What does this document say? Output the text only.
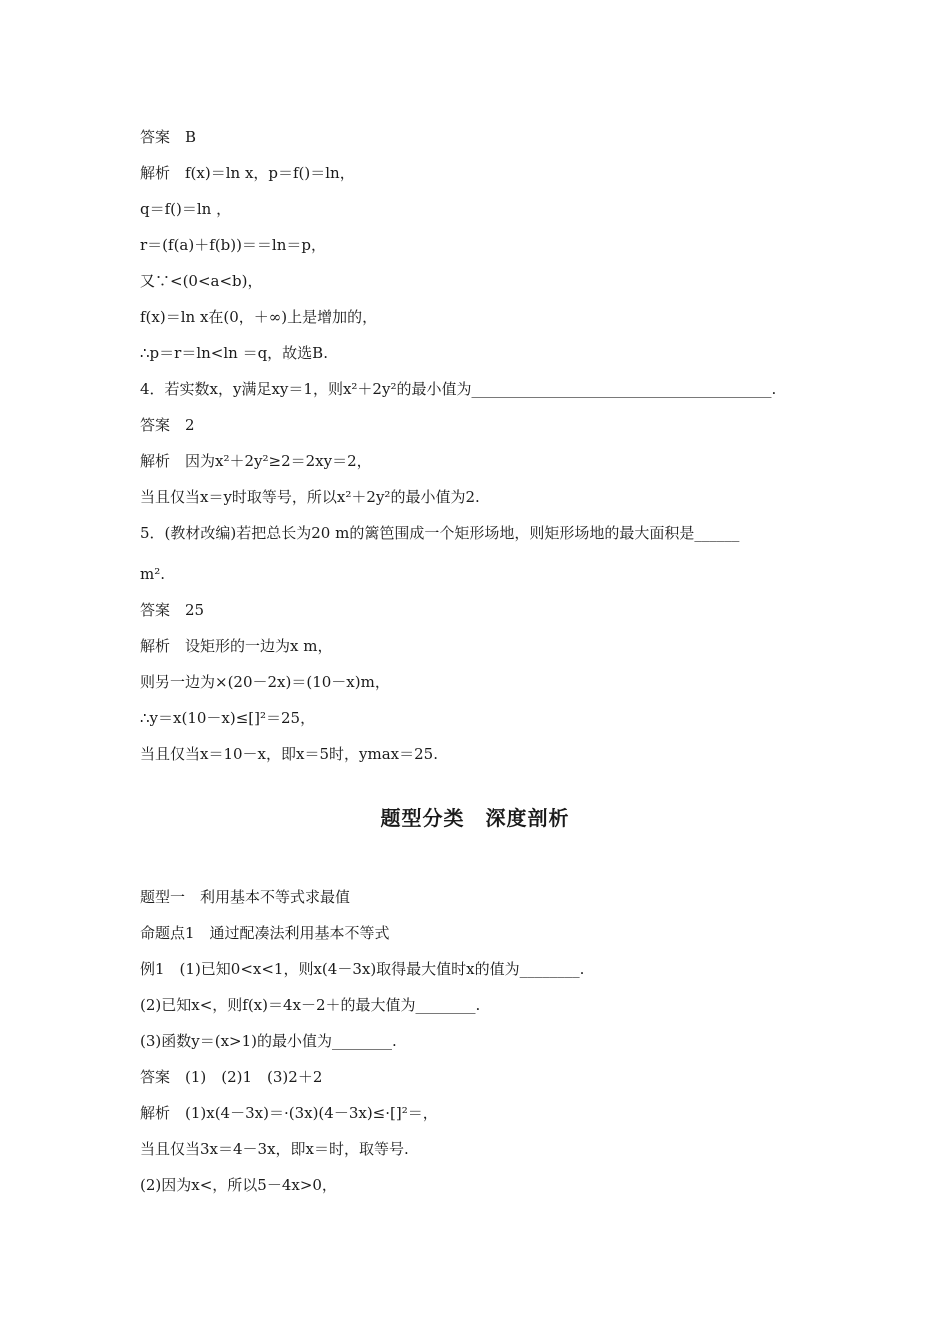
答案　B
解析　f(x)＝ln x，p＝f()＝ln，
q＝f()＝ln ，
r＝(f(a)＋f(b))＝＝ln＝p，
又∵<(0<a<b)，
f(x)＝ln x在(0，＋∞)上是增加的，
∴p＝r＝ln<ln ＝q，故选B.
4．若实数x，y满足xy＝1，则x²＋2y²的最小值为________________________________________.
答案　2
解析　因为x²＋2y²≥2＝2xy＝2，
当且仅当x＝y时取等号，所以x²＋2y²的最小值为2.
5．(教材改编)若把总长为20 m的篱笆围成一个矩形场地，则矩形场地的最大面积是______
m².
答案　25
解析　设矩形的一边为x m，
则另一边为×(20－2x)＝(10－x)m，
∴y＝x(10－x)≤[]²＝25，
当且仅当x＝10－x，即x＝5时，ymax＝25.
题型分类　深度剖析
题型一　利用基本不等式求最值
命题点1　通过配凑法利用基本不等式
例1　(1)已知0<x<1，则x(4－3x)取得最大值时x的值为________.
(2)已知x<，则f(x)＝4x－2＋的最大值为________.
(3)函数y＝(x>1)的最小值为________.
答案　(1)　(2)1　(3)2＋2
解析　(1)x(4－3x)＝·(3x)(4－3x)≤·[]²＝，
当且仅当3x＝4－3x，即x＝时，取等号.
(2)因为x<，所以5－4x>0，
